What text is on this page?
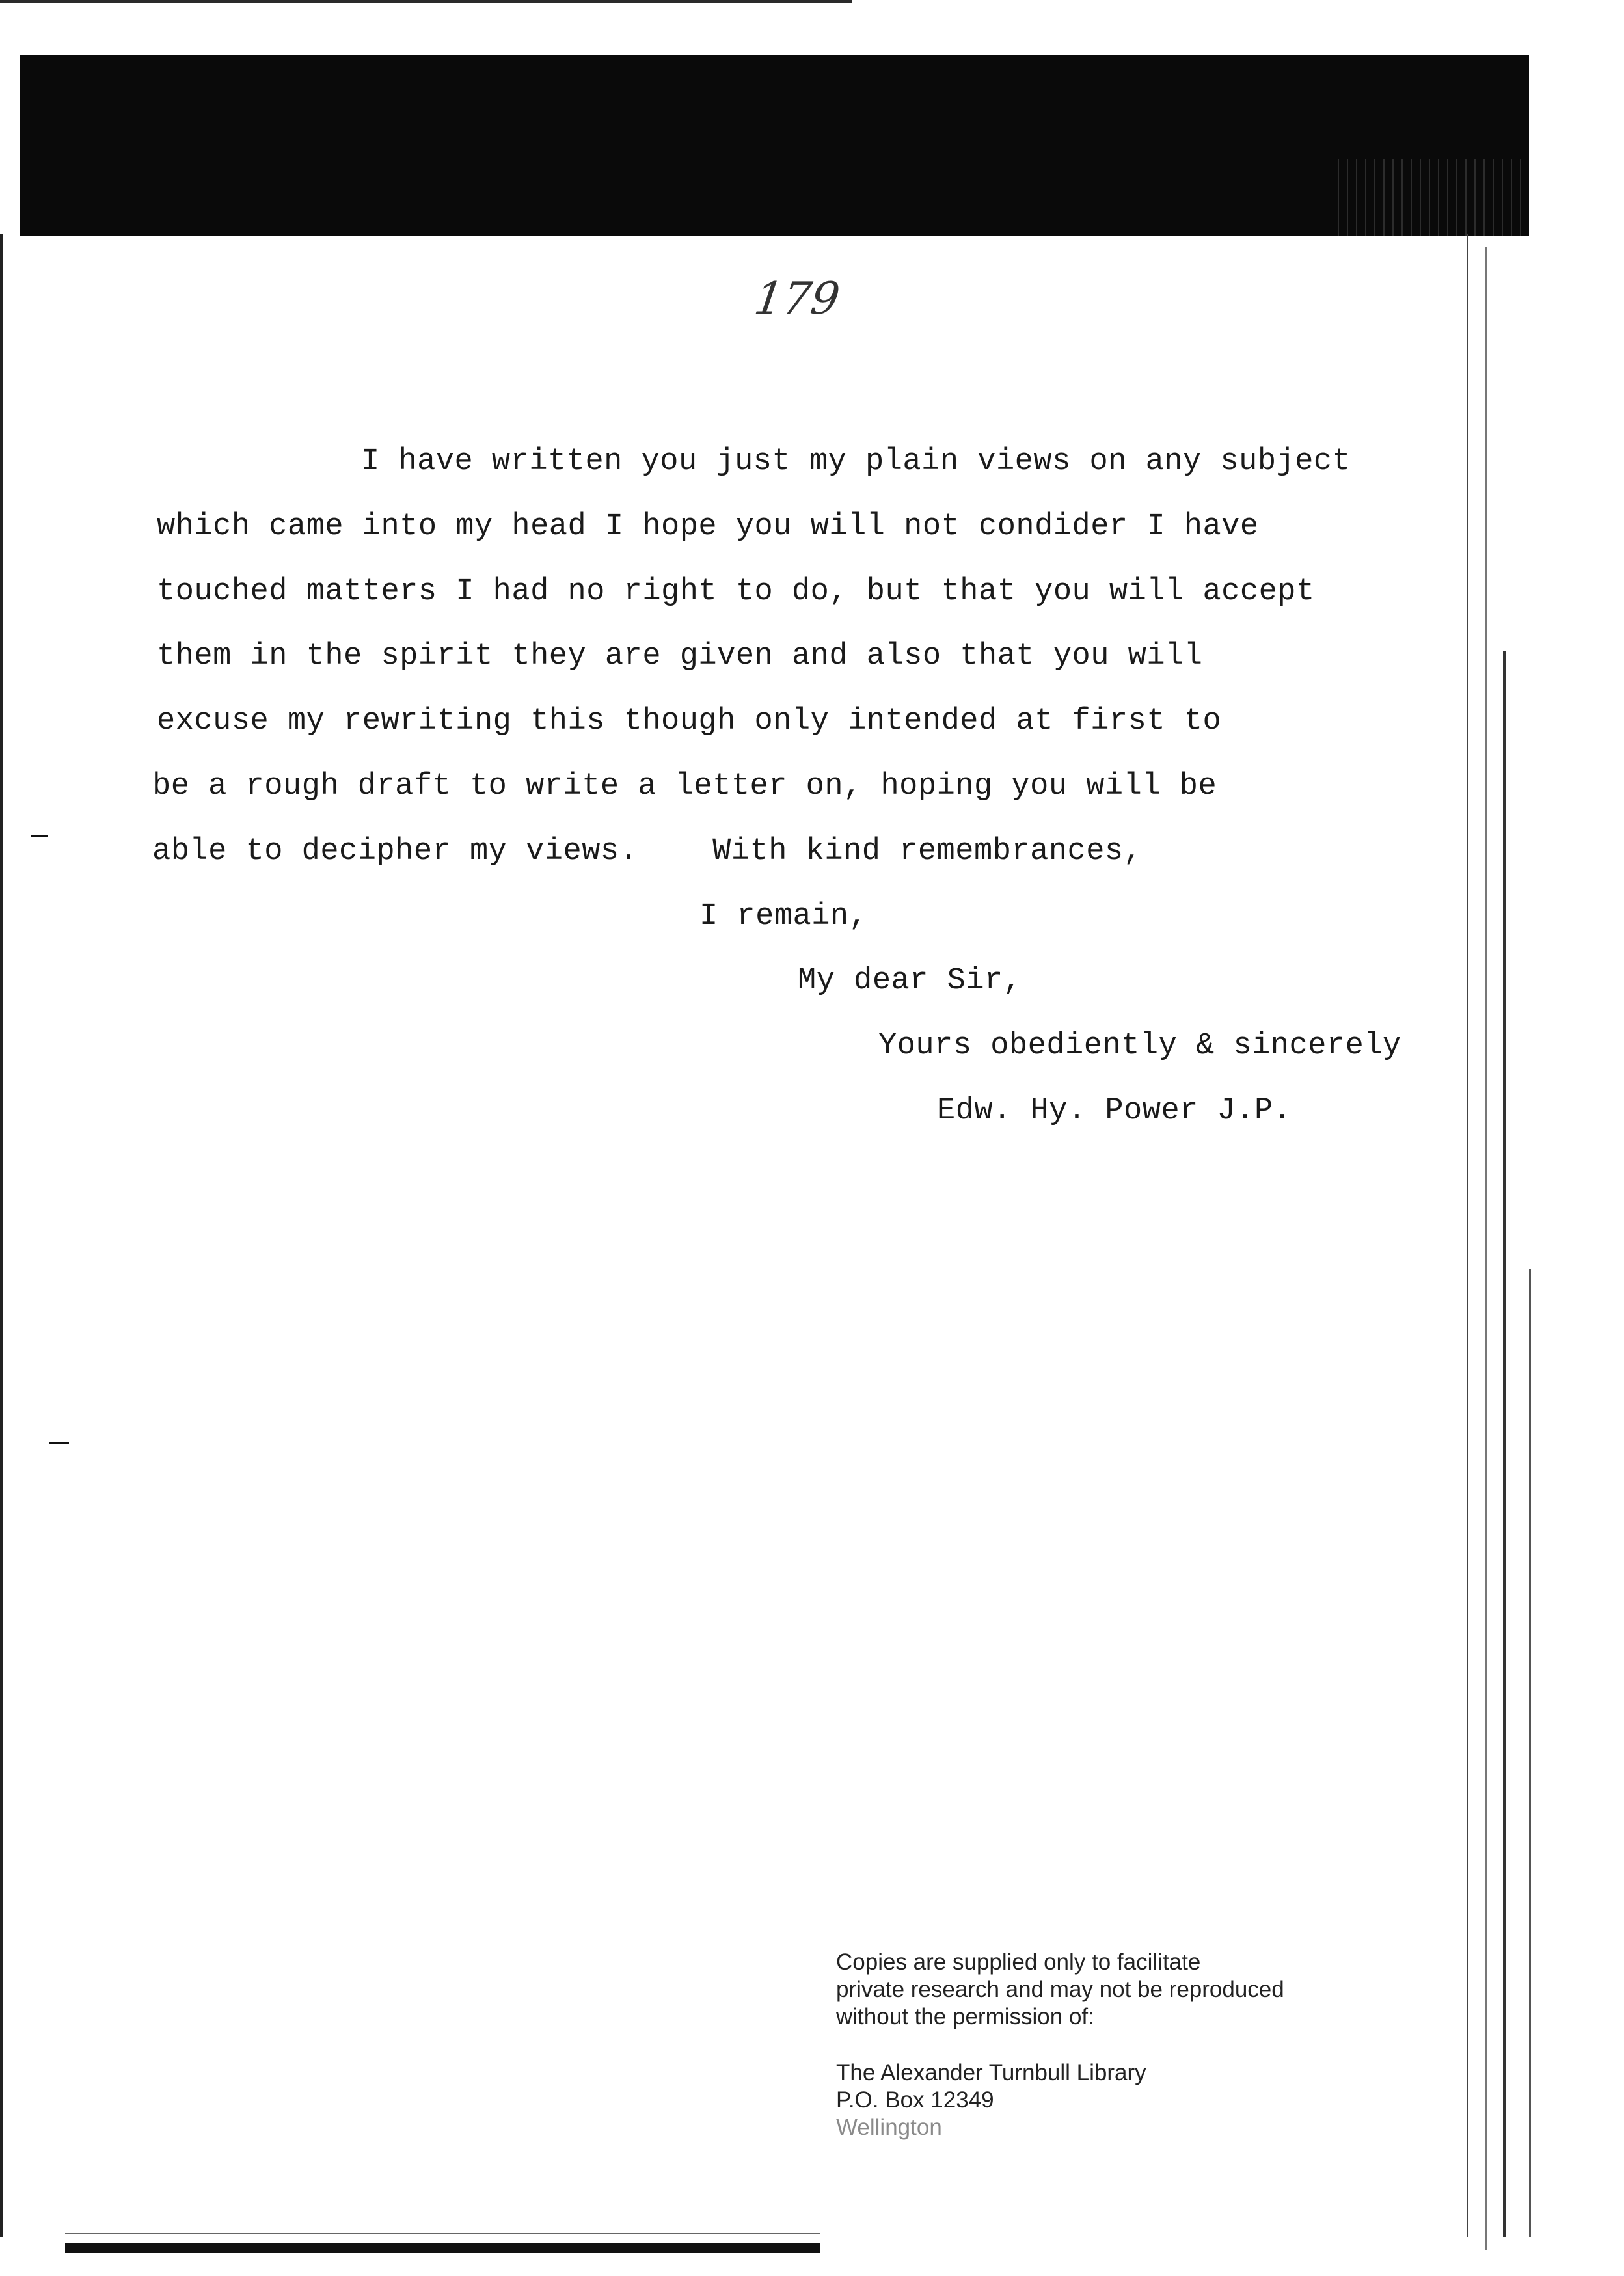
179
I have written you just my plain views on any subject
which came into my head I hope you will not condider I have
touched matters I had no right to do, but that you will accept
them in the spirit they are given and also that you will
excuse my rewriting this though only intended at first to
be a rough draft to write a letter on, hoping you will be
able to decipher my views.    With kind remembrances,
I remain,
My dear Sir,
Yours obediently & sincerely
Edw. Hy. Power J.P.
Copies are supplied only to facilitate
private research and may not be reproduced
without the permission of:
The Alexander Turnbull Library
P.O. Box 12349
Wellington
